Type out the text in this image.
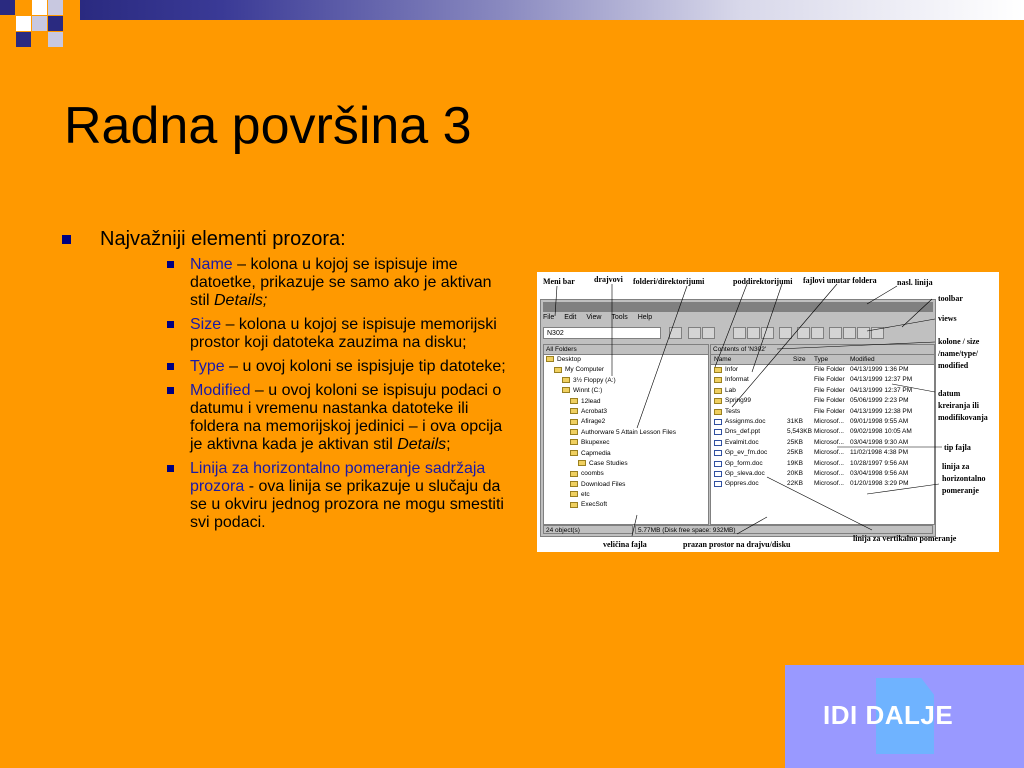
Radna površina 3
Najvažniji elementi prozora:
Name – kolona u kojoj se ispisuje ime datoetke, prikazuje se samo ako je aktivan stil Details;
Size – kolona u kojoj se ispisuje memorijski prostor koji datoteka zauzima na disku;
Type – u ovoj koloni se ispisjuje tip datoteke;
Modified – u ovoj koloni se ispisuju podaci o datumu i vremenu nastanka datoteke ili foldera na memorijskoj jedinici – i ova opcija je aktivna kada je aktivan stil Details;
Linija za horizontalno pomeranje sadržaja prozora - ova linija se prikazuje u slučaju da se u okviru jednog prozora ne mogu smestiti svi podaci.
File Edit View Tools Help
N302
All Folders
Desktop
My Computer
3½ Floppy (A:)
Winnt (C:)
12lead
Acrobat3
Afirage2
Authorware 5 Attain Lesson Files
Bkupexec
Capmedia
Case Studies
coombs
Download Files
etc
ExecSoft
Contents of 'N302'
Name	Size Type	Modified
Infor	File Folder 04/13/1999 1:36 PM
Informat	File Folder 04/13/1999 12:37 PM
Lab	File Folder 04/13/1999 12:37 PM
Spring99	File Folder 05/06/1999 2:23 PM
Tests	File Folder 04/13/1999 12:38 PM
Assignms.doc	31KB Microsof... 09/01/1998 9:55 AM
Dns_def.ppt	5,543KB Microsof... 09/02/1998 10:05 AM
Evalmit.doc	25KB Microsof... 03/04/1998 9:30 AM
Gp_ev_fm.doc	25KB Microsof... 11/02/1998 4:38 PM
Gp_form.doc	19KB Microsof... 10/28/1997 9:56 AM
Gp_sleva.doc	20KB Microsof... 03/04/1998 9:56 AM
Gppres.doc	22KB Microsof... 01/20/1998 3:29 PM
24 object(s)	5.77MB (Disk free space: 932MB)
Meni bar drajvovi folderi/direktorijumi	poddirektorijumi fajlovi unutar foldera	nasl. linija
toolbar
views
kolone / size
/name/type/
modified
datum
kreiranja ili
modifikovanja
tip fajla
linija za
horizontalno
pomeranje
veličina fajla	prazan prostor na drajvu/disku
linija za vertikalno pomeranje
IDI DALJE
